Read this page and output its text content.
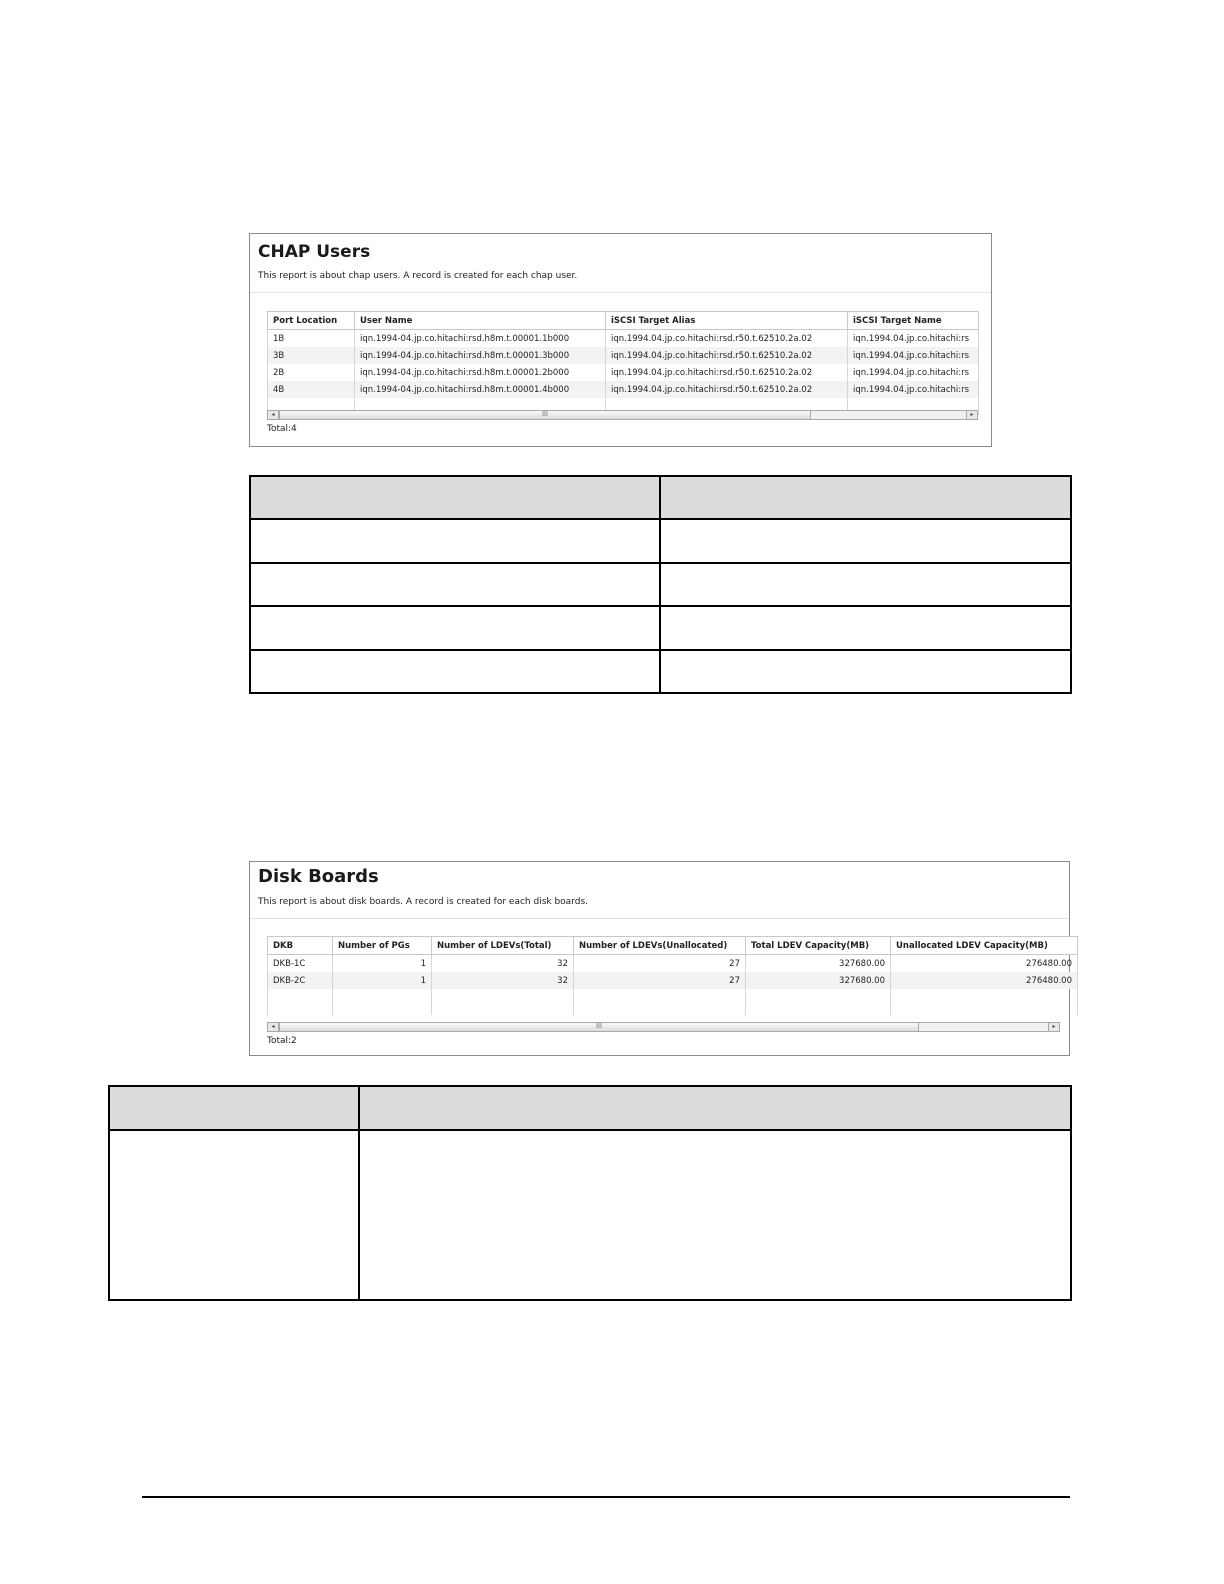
CHAP Users
This report is about chap users. A record is created for each chap user.
Port Location	User Name	iSCSI Target Alias	iSCSI Target Name
1B	iqn.1994-04.jp.co.hitachi:rsd.h8m.t.00001.1b000	iqn.1994.04.jp.co.hitachi:rsd.r50.t.62510.2a.02	iqn.1994.04.jp.co.hitachi:rs
3B	iqn.1994-04.jp.co.hitachi:rsd.h8m.t.00001.3b000	iqn.1994.04.jp.co.hitachi:rsd.r50.t.62510.2a.02	iqn.1994.04.jp.co.hitachi:rs
2B	iqn.1994-04.jp.co.hitachi:rsd.h8m.t.00001.2b000	iqn.1994.04.jp.co.hitachi:rsd.r50.t.62510.2a.02	iqn.1994.04.jp.co.hitachi:rs
4B	iqn.1994-04.jp.co.hitachi:rsd.h8m.t.00001.4b000	iqn.1994.04.jp.co.hitachi:rsd.r50.t.62510.2a.02	iqn.1994.04.jp.co.hitachi:rs

◂	III	▸
Total:4

Disk Boards
This report is about disk boards. A record is created for each disk boards.
DKB	Number of PGs	Number of LDEVs(Total)	Number of LDEVs(Unallocated)	Total LDEV Capacity(MB)	Unallocated LDEV Capacity(MB)
DKB-1C	1	32	27	327680.00	276480.00
DKB-2C	1	32	27	327680.00	276480.00

◂	III	▸
Total:2
